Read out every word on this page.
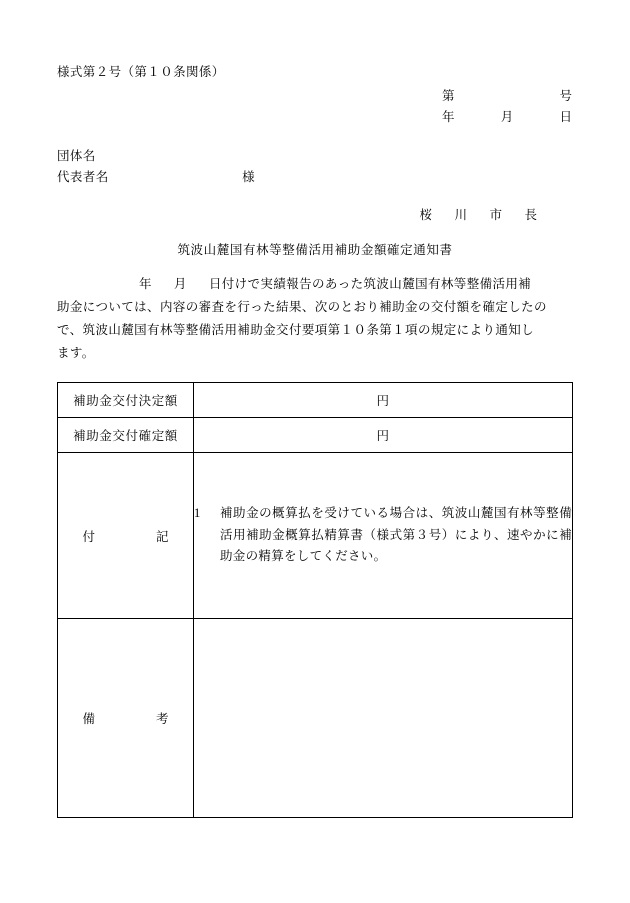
様式第２号（第１０条関係）
第	号
年	月	日
団体名
代表者名	様
桜　川　市　長
筑波山麓国有林等整備活用補助金額確定通知書
年 月 日付けで実績報告のあった筑波山麓国有林等整備活用補
助金については、内容の審査を行った結果、次のとおり補助金の交付額を確定したの
で、筑波山麓国有林等整備活用補助金交付要項第１０条第１項の規定により通知し
ます。
補助金交付決定額	円
補助金交付確定額	円
付記	1 補助金の概算払を受けている場合は、筑波山麓国有林等整備活用補助金概算払精算書（様式第３号）により、速やかに補助金の精算をしてください。

備考	
